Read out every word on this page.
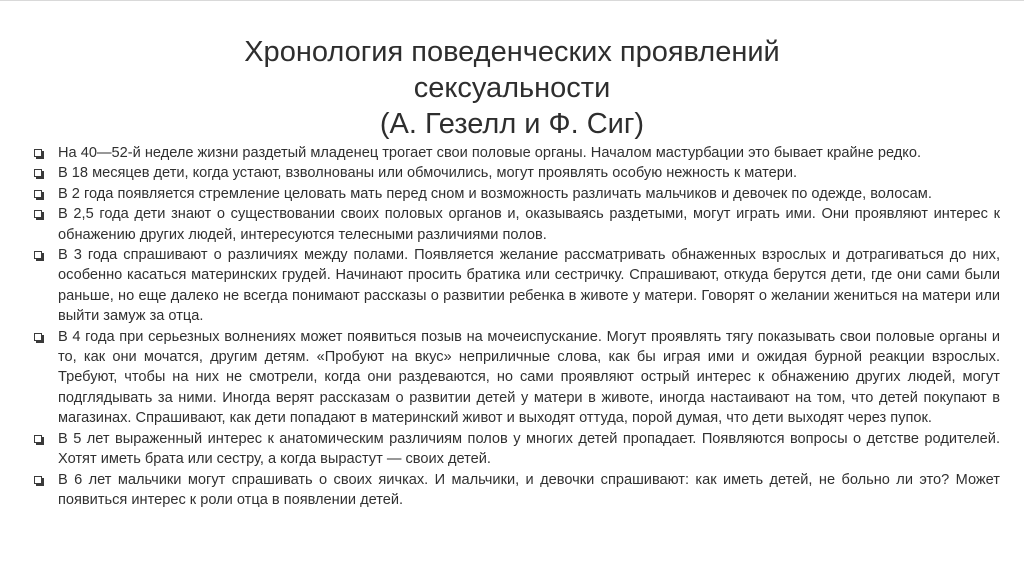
Хронология поведенческих проявлений
сексуальности
(А. Гезелл и Ф. Сиг)
На 40—52-й неделе жизни раздетый младенец трогает свои половые органы. Началом мастурбации это бывает крайне редко.
В 18 месяцев дети, когда устают, взволнованы или обмочились, могут проявлять особую нежность к матери.
В 2 года появляется стремление целовать мать перед сном и возможность различать мальчиков и девочек по одежде, волосам.
В 2,5 года дети знают о существовании своих половых органов и, оказываясь раздетыми, могут играть ими. Они проявляют интерес к обнажению других людей, интересуются телесными различиями полов.
В 3 года спрашивают о различиях между полами. Появляется желание рассматривать обнаженных взрослых и дотрагиваться до них, особенно касаться материнских грудей. Начинают просить братика или сестричку. Спрашивают, откуда берутся дети, где они сами были раньше, но еще далеко не всегда понимают рассказы о развитии ребенка в животе у матери. Говорят о желании жениться на матери или выйти замуж за отца.
В 4 года при серьезных волнениях может появиться позыв на мочеиспускание. Могут проявлять тягу показывать свои половые органы и то, как они мочатся, другим детям. «Пробуют на вкус» неприличные слова, как бы играя ими и ожидая бурной реакции взрослых. Требуют, чтобы на них не смотрели, когда они раздеваются, но сами проявляют острый интерес к обнажению других людей, могут подглядывать за ними. Иногда верят рассказам о развитии детей у матери в животе, иногда настаивают на том, что детей покупают в магазинах. Спрашивают, как дети попадают в материнский живот и выходят оттуда, порой думая, что дети выходят через пупок.
В 5 лет выраженный интерес к анатомическим различиям полов у многих детей пропадает. Появляются вопросы о детстве родителей. Хотят иметь брата или сестру, а когда вырастут — своих детей.
В 6 лет мальчики могут спрашивать о своих яичках. И мальчики, и девочки спрашивают: как иметь детей, не больно ли это? Может появиться интерес к роли отца в появлении детей.
